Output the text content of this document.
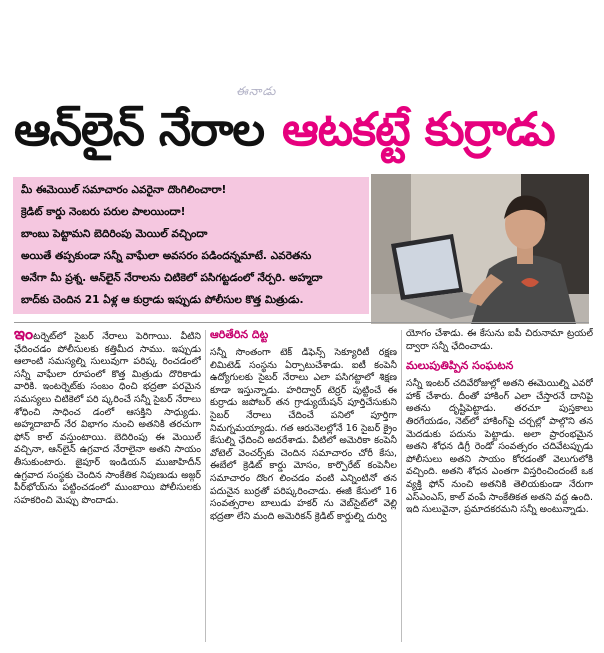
ఈనాడు
ఆన్‌లైన్ నేరాల ఆటకట్టే కుర్రాడు
మీ ఈమెయిల్ సమాచారం ఎవరైనా దొంగిలించారా!
క్రెడిట్ కార్డు నెంబరు పరుల పాలయిందా!
బాంబు పెట్టామని బెదిరింపు మెయిల్ వచ్చిందా
అయితే తప్పకుండా సన్నీ వాఘేలా అవసరం పడిందన్నమాటే. ఎవరెతను
అనేగా మీ ప్రశ్న. ఆన్‌లైన్ నేరాలను చిటికెలో పసిగట్టడంలో నేర్పరి. అహ్మదా
బాద్‌కు చెందిన 21 ఏళ్ల ఆ కుర్రాడు ఇప్పుడు పోలీసుల కొత్త మిత్రుడు.

ఇంటర్నెట్‌లో సైబర్ నేరాలు పెరిగాయి. వీటిని ఛేదించడం పోలీసులకు కత్తిమీద సాము. ఇప్పుడు ఆలాంటి సమస్యల్ని సులువుగా పరిష్క రించడంలో సన్నీ వాఘేలా రూపంలో కొత్త మిత్రుడు దొరికాడు వారికి. ఇంటర్నెట్‌కు సంబం ధించి భద్రతా పరమైన సమస్యలు చిటికెలో పరి ష్కరించే సన్నీ సైబర్ నేరాలు శోధించి సాధించ డంలో ఆసక్తిని సాధ్యుడు. అహ్మదాబాద్ నేర విభాగం నుంచి అతనికి తరచుగా ఫోన్ కాల్ వస్తుంటాయి. బెదిరింపు ఈ మెయిల్ వచ్చినా, ఆన్‌లైన్ ఉగ్రవాద నేరాలైనా అతని సాయం తీసుకుంటారు. జైపూర్ ఇండియన్ ముజాహిదీన్ ఉగ్రవాద సంస్థకు చెందిన సాంకేతిక నిపుణుడు అజ్గర్ పీర్‌భోయ్‌ను పట్టించడంలో ముంబాయి పోలీసులకు సహకరించి మెప్పు పొందాడు.

ఆరితేరిన దిట్ట

సన్నీ సొంతంగా టెక్ డిఫెన్స్ సెక్యూరిటీ రక్షణ లిమిటెడ్ సంస్థను ఏర్పాటుచేశాడు. ఐటీ కంపెనీ ఉద్యోగులకు సైబర్ నేరాలు ఎలా పసిగట్టాలో శిక్షణ కూడా ఇస్తున్నాడు. హరిద్వార్ టెర్రర్ పుట్టించే ఈ కుర్రాడు జపోబర్ తన గ్రాడ్యుయేషన్ పూర్తిచేసుకుని సైబర్ నేరాలు చేదించే పనిలో పూర్తిగా నిమగ్నమయ్యాడు. గత ఆరునెలల్లోనే 16 సైబర్ క్రైం కేసుల్ని ఛేదించి అదరేశాడు. వీటిలో అమెరికా కంపెనీ వోటెల్ వెంచర్స్‌కు చెందిన సమాచారం చోరీ కేసు, ఈబేలో క్రెడిట్ కార్డు మోసం, కార్పొరేట్ కంపెనీల సమాచారం దొంగ లించడం వంటి ఎన్నింటినో తన పదునైన బుర్రతో పరిష్కరించాడు. ఈజీ కేసులో 16 సంవత్సరాల బాలుడు హకర్ ను వెబ్‌సైట్‌లో వెల్లి భద్రతా లేని మంది అమెరికన్ క్రెడిట్ కార్డుల్ని దుర్వి

యోగం చేశాడు. ఈ కేసును ఐపీ చిరునామా ట్రయల్ ద్వారా సన్నీ ఛేదించాడు.

మలుపుతిప్పిన సంఘటన

సన్నీ ఇంటర్ చదివేరోజుల్లో అతని ఈమెయిల్ని ఎవరో హాక్ చేశారు. దీంతో హాకింగ్ ఎలా చేస్తారనే దానిపై అతను దృష్టిపెట్టాడు. తరచూ పుస్తకాలు తిరగేయడం, నెట్‌లో హాకింగ్‌పై చర్చల్లో పాల్గొని తన మెదడుకు పదును పెట్టాడు. అలా ప్రారంభమైన అతని శోధన డిగ్రీ రెండో సంవత్సరం చదివేటప్పుడు పోలీసులు అతని సాయం కోరడంతో వెలుగులోకి వచ్చింది. అతని శోధన ఎంతగా విస్తరించిందంటే ఒక వ్యక్తి ఫోన్ నుంచి అతనికి తెలియకుండా నేరుగా ఎస్ఎంఎస్, కాల్ వంపే సాంకేతికత అతని వద్ద ఉంది. ఇది సులువైనా, ప్రమాదకరమని సన్నీ అంటున్నాడు.
